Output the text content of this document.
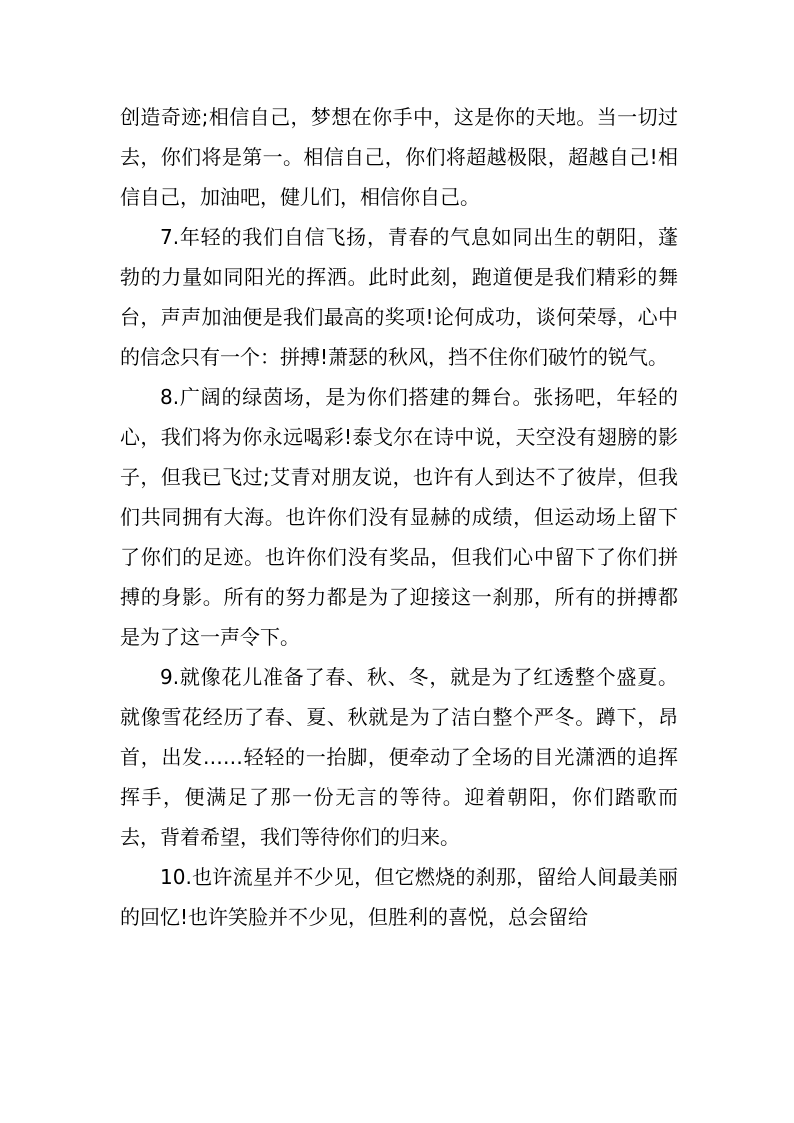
创造奇迹;相信自己，梦想在你手中，这是你的天地。当一切过去，你们将是第一。相信自己，你们将超越极限，超越自己!相信自己，加油吧，健儿们，相信你自己。

7.年轻的我们自信飞扬，青春的气息如同出生的朝阳，蓬勃的力量如同阳光的挥洒。此时此刻，跑道便是我们精彩的舞台，声声加油便是我们最高的奖项!论何成功，谈何荣辱，心中的信念只有一个：拼搏!萧瑟的秋风，挡不住你们破竹的锐气。

8.广阔的绿茵场，是为你们搭建的舞台。张扬吧，年轻的心，我们将为你永远喝彩!泰戈尔在诗中说，天空没有翅膀的影子，但我已飞过;艾青对朋友说，也许有人到达不了彼岸，但我们共同拥有大海。也许你们没有显赫的成绩，但运动场上留下了你们的足迹。也许你们没有奖品，但我们心中留下了你们拼搏的身影。所有的努力都是为了迎接这一刹那，所有的拼搏都是为了这一声令下。

9.就像花儿准备了春、秋、冬，就是为了红透整个盛夏。就像雪花经历了春、夏、秋就是为了洁白整个严冬。蹲下，昂首，出发……轻轻的一抬脚，便牵动了全场的目光潇洒的追挥挥手，便满足了那一份无言的等待。迎着朝阳，你们踏歌而去，背着希望，我们等待你们的归来。

10.也许流星并不少见，但它燃烧的刹那，留给人间最美丽的回忆!也许笑脸并不少见，但胜利的喜悦，总会留给
